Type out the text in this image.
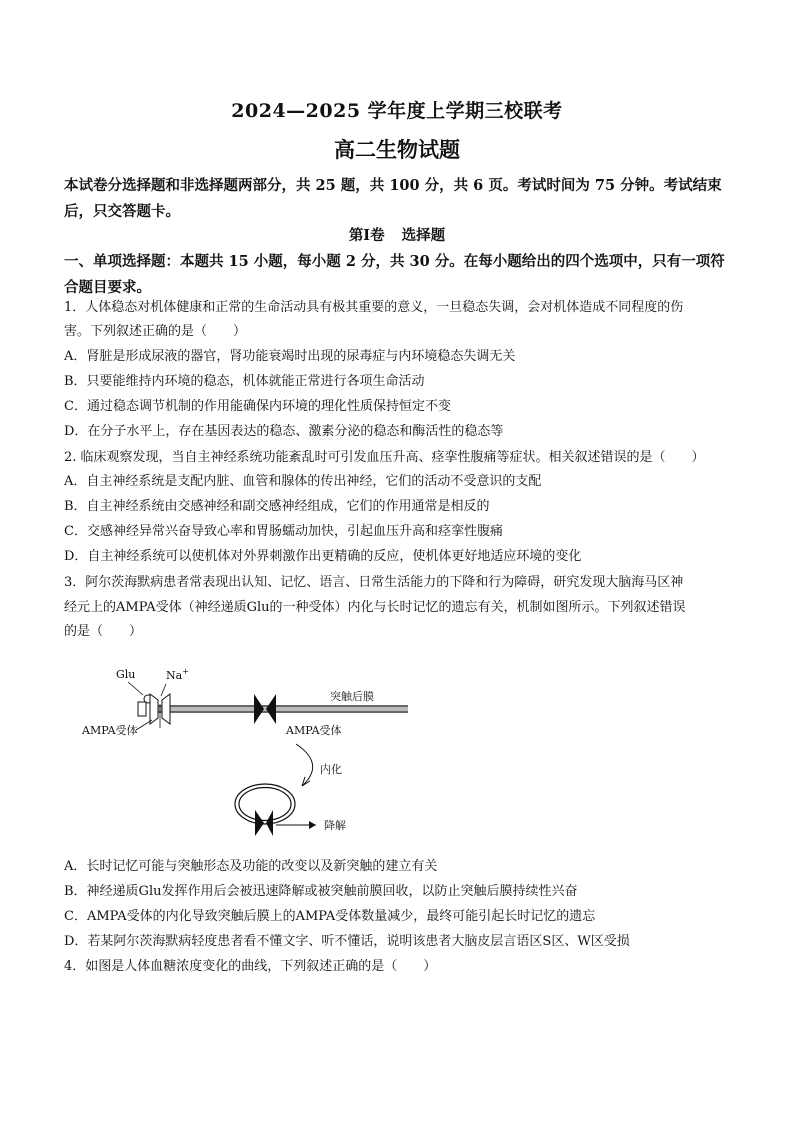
2024—2025 学年度上学期三校联考
高二生物试题
本试卷分选择题和非选择题两部分，共 25 题，共 100 分，共 6 页。考试时间为 75 分钟。考试结束后，只交答题卡。
第Ⅰ卷 选择题
一、单项选择题：本题共 15 小题，每小题 2 分，共 30 分。在每小题给出的四个选项中，只有一项符合题目要求。
1．人体稳态对机体健康和正常的生命活动具有极其重要的意义，一旦稳态失调，会对机体造成不同程度的伤
害。下列叙述正确的是（　　）
A．肾脏是形成尿液的器官，肾功能衰竭时出现的尿毒症与内环境稳态失调无关
B．只要能维持内环境的稳态，机体就能正常进行各项生命活动
C．通过稳态调节机制的作用能确保内环境的理化性质保持恒定不变
D．在分子水平上，存在基因表达的稳态、激素分泌的稳态和酶活性的稳态等
2. 临床观察发现，当自主神经系统功能紊乱时可引发血压升高、痉挛性腹痛等症状。相关叙述错误的是（　　）
A．自主神经系统是支配内脏、血管和腺体的传出神经，它们的活动不受意识的支配
B．自主神经系统由交感神经和副交感神经组成，它们的作用通常是相反的
C．交感神经异常兴奋导致心率和胃肠蠕动加快，引起血压升高和痉挛性腹痛
D．自主神经系统可以使机体对外界刺激作出更精确的反应，使机体更好地适应环境的变化
3．阿尔茨海默病患者常表现出认知、记忆、语言、日常生活能力的下降和行为障碍，研究发现大脑海马区神
经元上的AMPA受体（神经递质Glu的一种受体）内化与长时记忆的遗忘有关，机制如图所示。下列叙述错误
的是（　　）
Glu	Na+
AMPA受体
突触后膜
AMPA受体
内化
降解
A．长时记忆可能与突触形态及功能的改变以及新突触的建立有关
B．神经递质Glu发挥作用后会被迅速降解或被突触前膜回收，以防止突触后膜持续性兴奋
C．AMPA受体的内化导致突触后膜上的AMPA受体数量减少，最终可能引起长时记忆的遗忘
D．若某阿尔茨海默病轻度患者看不懂文字、听不懂话，说明该患者大脑皮层言语区S区、W区受损
4．如图是人体血糖浓度变化的曲线，下列叙述正确的是（　　）
